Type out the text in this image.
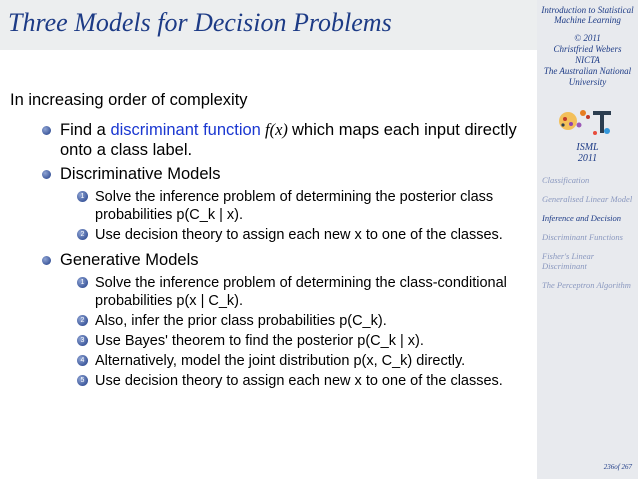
Three Models for Decision Problems
In increasing order of complexity
Find a discriminant function f(x) which maps each input directly onto a class label.
Discriminative Models
1 Solve the inference problem of determining the posterior class probabilities p(C_k | x).
2 Use decision theory to assign each new x to one of the classes.
Generative Models
1 Solve the inference problem of determining the class-conditional probabilities p(x | C_k).
2 Also, infer the prior class probabilities p(C_k).
3 Use Bayes' theorem to find the posterior p(C_k | x).
4 Alternatively, model the joint distribution p(x, C_k) directly.
5 Use decision theory to assign each new x to one of the classes.
Introduction to Statistical
Machine Learning
© 2011
Christfried Webers
NICTA
The Australian National
University
ISML
2011
Classification
Generalised Linear Model
Inference and Decision
Discriminant Functions
Fisher's Linear Discriminant
The Perceptron Algorithm
236of 267
